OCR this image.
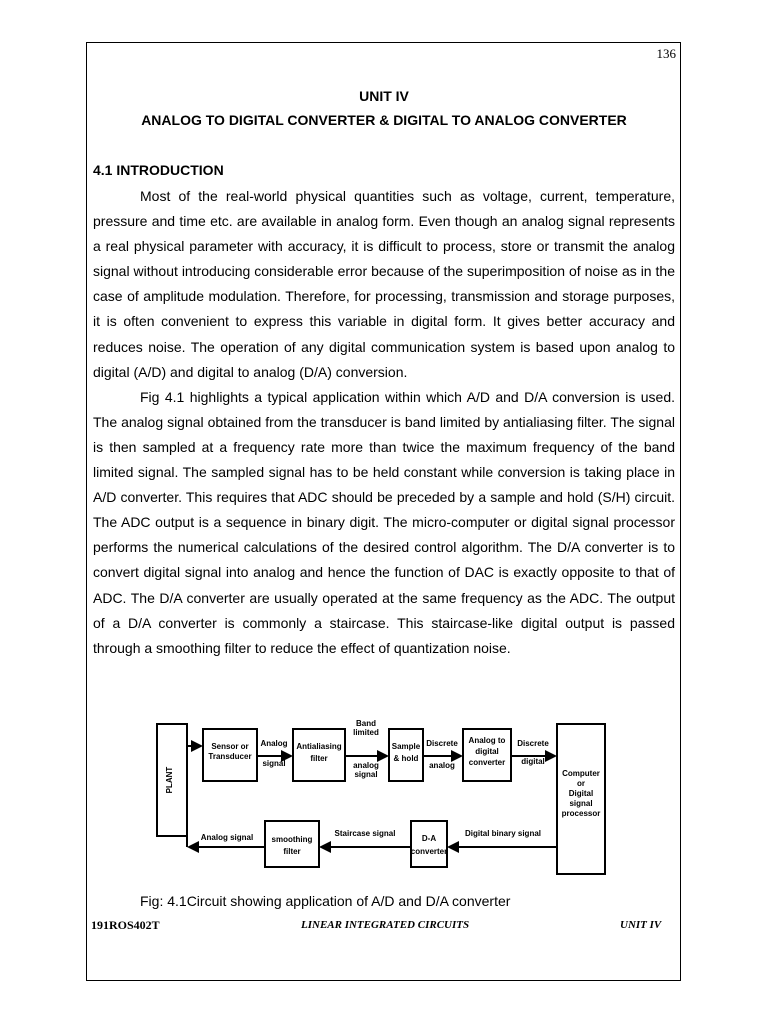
136
UNIT IV
ANALOG TO DIGITAL CONVERTER & DIGITAL TO ANALOG CONVERTER
4.1 INTRODUCTION

Most of the real-world physical quantities such as voltage, current, temperature, pressure and time etc. are available in analog form. Even though an analog signal represents a real physical parameter with accuracy, it is difficult to process, store or transmit the analog signal without introducing considerable error because of the superimposition of noise as in the case of amplitude modulation. Therefore, for processing, transmission and storage purposes, it is often convenient to express this variable in digital form. It gives better accuracy and reduces noise. The operation of any digital communication system is based upon analog to digital (A/D) and digital to analog (D/A) conversion.

Fig 4.1 highlights a typical application within which A/D and D/A conversion is used. The analog signal obtained from the transducer is band limited by antialiasing filter. The signal is then sampled at a frequency rate more than twice the maximum frequency of the band limited signal. The sampled signal has to be held constant while conversion is taking place in A/D converter. This requires that ADC should be preceded by a sample and hold (S/H) circuit. The ADC output is a sequence in binary digit. The micro-computer or digital signal processor performs the numerical calculations of the desired control algorithm. The D/A converter is to convert digital signal into analog and hence the function of DAC is exactly opposite to that of ADC. The D/A converter are usually operated at the same frequency as the ADC. The output of a D/A converter is commonly a staircase. This staircase-like digital output is passed through a smoothing filter to reduce the effect of quantization noise.

PLANT
Sensor or
Transducer
Analog
signal
Antialiasing
filter
Band
limited
analog
signal
Sample
& hold
Discrete
analog
Analog to
digital
converter
Discrete
digital
Computer
or
Digital
signal
processor
Digital binary signal
D-A
converter
Staircase signal
smoothing
filter
Analog signal
Fig: 4.1Circuit showing application of A/D and D/A converter
191ROS402T	LINEAR INTEGRATED CIRCUITS	UNIT IV
